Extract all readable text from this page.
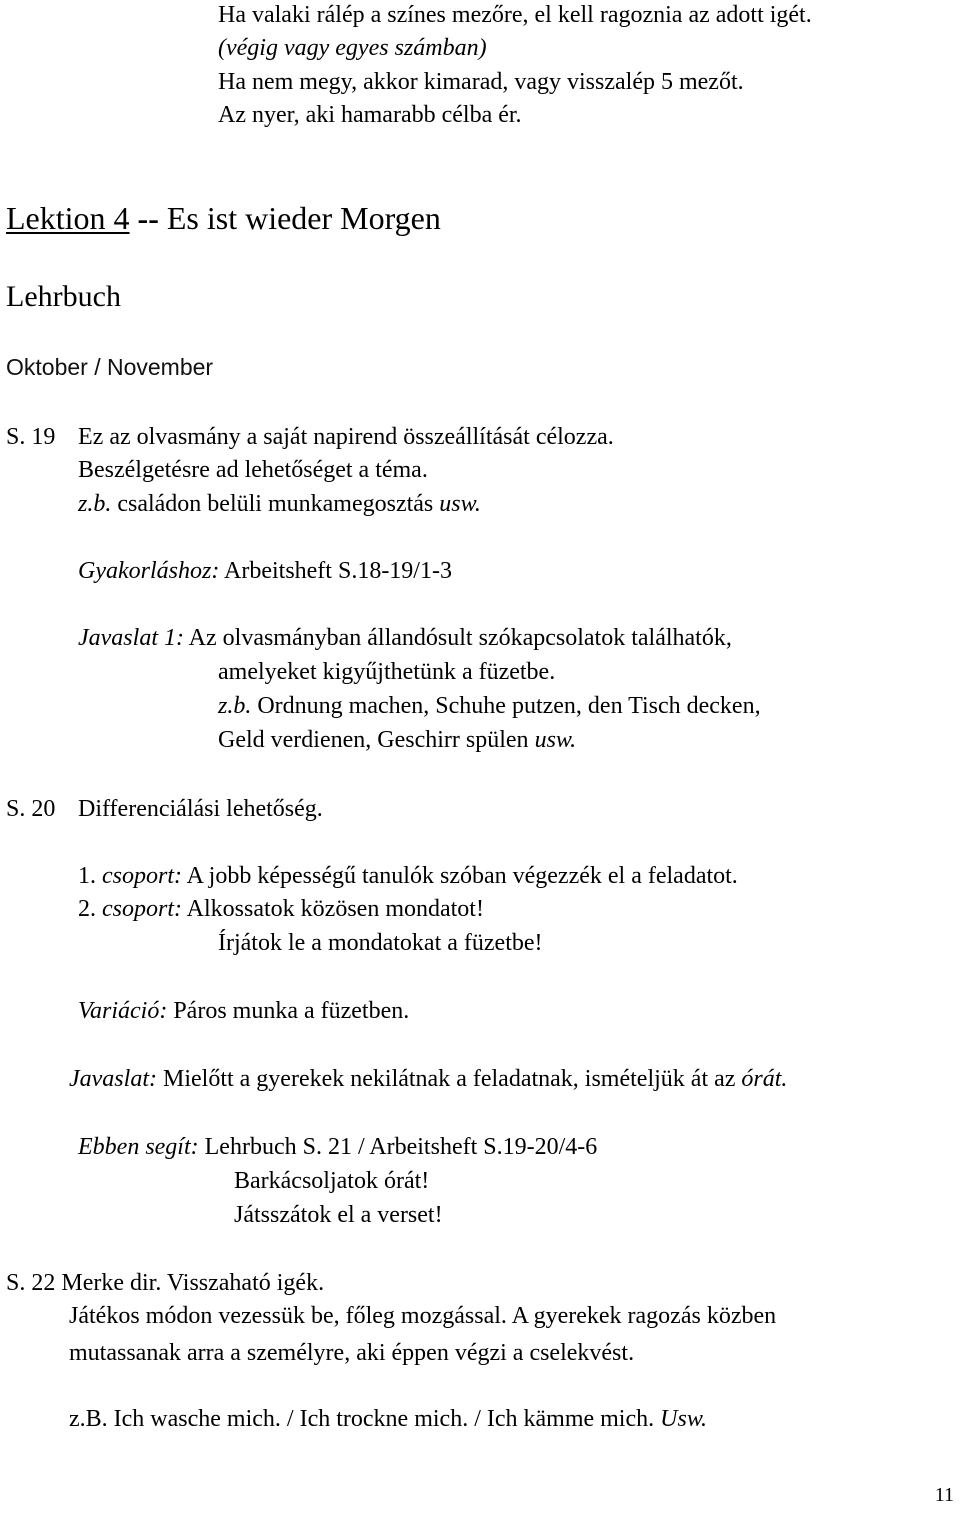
Ha valaki rálép a színes mezőre, el kell ragoznia az adott igét.
(végig vagy egyes számban)
Ha nem megy, akkor kimarad, vagy visszalép 5 mezőt.
Az nyer, aki hamarabb célba ér.
Lektion 4 -- Es ist wieder Morgen
Lehrbuch
Oktober / November
S. 19 Ez az olvasmány a saját napirend összeállítását célozza.
Beszélgetésre ad lehetőséget a téma.
z.b. családon belüli munkamegosztás usw.
Gyakorláshoz: Arbeitsheft S.18-19/1-3
Javaslat 1: Az olvasmányban állandósult szókapcsolatok találhatók,
amelyeket kigyűjthetünk a füzetbe.
z.b. Ordnung machen, Schuhe putzen, den Tisch decken,
Geld verdienen, Geschirr spülen usw.
S. 20 Differenciálási lehetőség.
1. csoport: A jobb képességű tanulók szóban végezzék el a feladatot.
2. csoport: Alkossatok közösen mondatot!
Írjátok le a mondatokat a füzetbe!
Variáció: Páros munka a füzetben.
Javaslat: Mielőtt a gyerekek nekilátnak a feladatnak, ismételjük át az órát.
Ebben segít: Lehrbuch S. 21 / Arbeitsheft S.19-20/4-6
Barkácsoljatok órát!
Játsszátok el a verset!
S. 22 Merke dir. Visszaható igék.
Játékos módon vezessük be, főleg mozgással. A gyerekek ragozás közben
mutassanak arra a személyre, aki éppen végzi a cselekvést.
z.B. Ich wasche mich. / Ich trockne mich. / Ich kämme mich. Usw.
11
